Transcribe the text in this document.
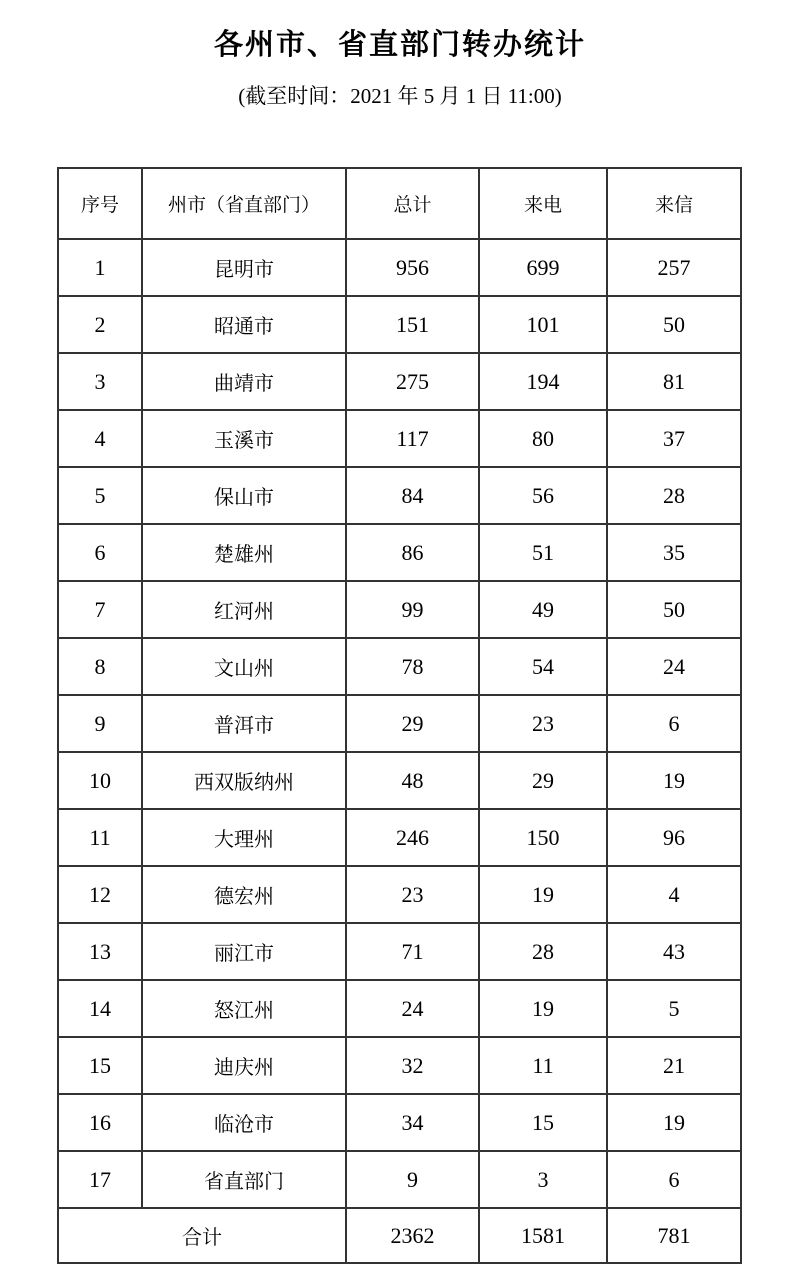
各州市、省直部门转办统计
(截至时间：2021 年 5 月 1 日 11:00)
序号	州市（省直部门）	总计	来电	来信
1	昆明市	956	699	257
2	昭通市	151	101	50
3	曲靖市	275	194	81
4	玉溪市	117	80	37
5	保山市	84	56	28
6	楚雄州	86	51	35
7	红河州	99	49	50
8	文山州	78	54	24
9	普洱市	29	23	6
10	西双版纳州	48	29	19
11	大理州	246	150	96
12	德宏州	23	19	4
13	丽江市	71	28	43
14	怒江州	24	19	5
15	迪庆州	32	11	21
16	临沧市	34	15	19
17	省直部门	9	3	6
合计		2362	1581	781
